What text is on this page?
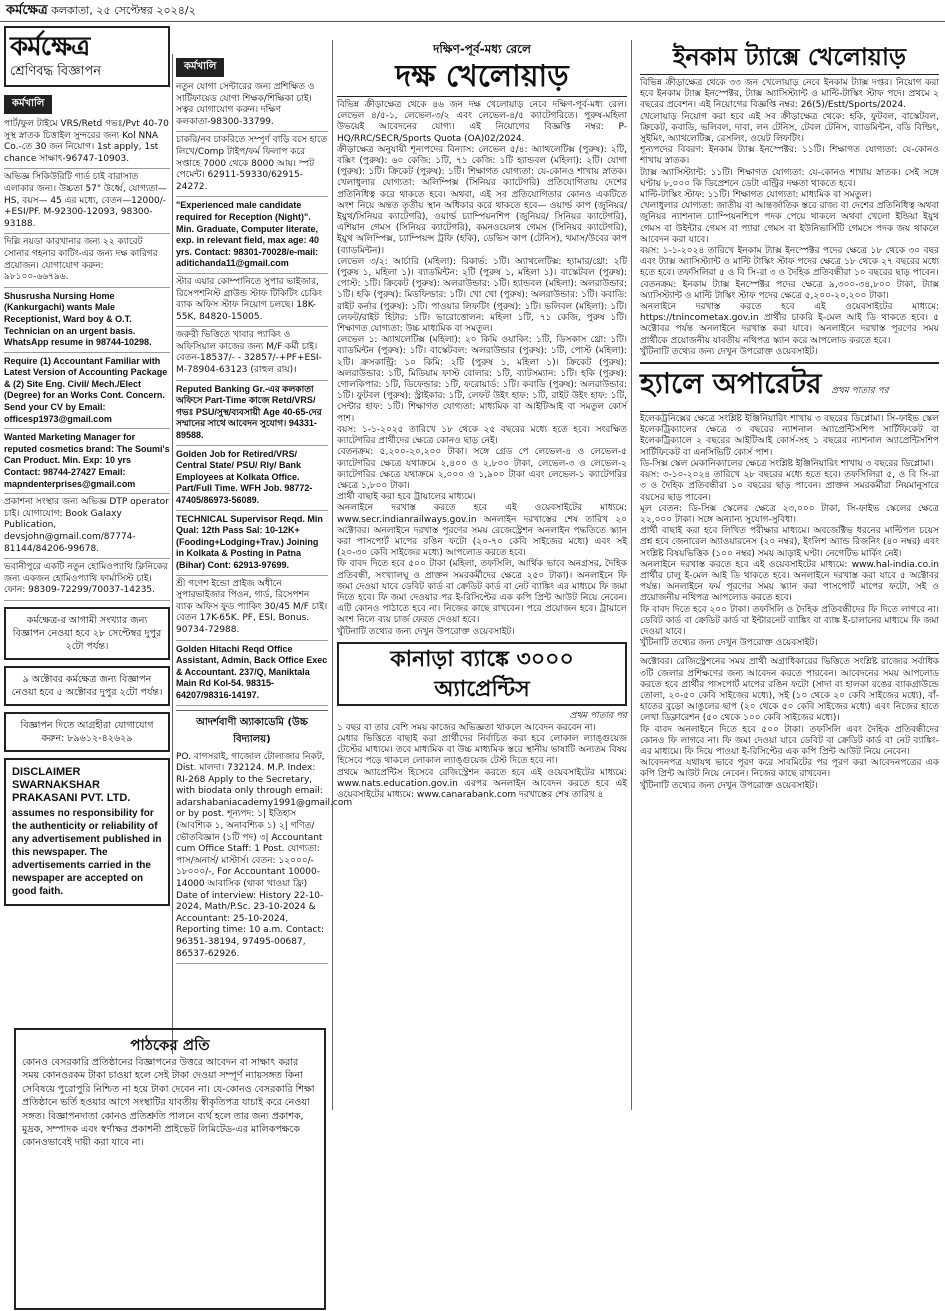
কর্মক্ষেত্র কলকাতা, ২৫ সেপ্টেম্বর ২০২৪/২
কর্মক্ষেত্র
শ্রেণিবদ্ধ বিজ্ঞাপন
কর্মখালি
পার্ট/ফুল টাইমে VRS/Retd গভঃ/Pvt 40-70 সুস্থ স্নাতক চিত্তাইল সুন্দরের জন্য Kol NNA Co.-তে 30 জন নিয়োগ। 1st apply, 1st chance সাক্ষাৎ-96747-10903.
অভিজ্ঞ সিকিউরিটি গার্ড চাই বারাসাত এলাকার জন্য। উচ্চতা 57" উর্ধ্বে, যোগ্যতা— HS, বয়স— 45 এর মধ্যে, বেতন—12000/-+ESI/PF. M-92300-12093, 98300-93188.
দিল্লি নয়ডা কারখানার জন্য ২২ ক্যারেট সোনার গহনার কাটিং-এর জন্য দক্ষ কারিগর প্রয়োজন। যোগাযোগ করুন: ৯৮১০০-৬৬৭৯৬.
Shusrusha Nursing Home (Kankurgachi) wants Male Receptionist, Ward boy & O.T. Technician on an urgent basis. WhatsApp resume in 98744-10298.
Require (1) Accountant Familiar with Latest Version of Accounting Package & (2) Site Eng. Civil/ Mech./Elect (Degree) for an Works Cont. Concern. Send your CV by Email: officesp1973@gmail.com
Wanted Marketing Manager for reputed cosmetics brand: The Soumi's Can Product. Min. Exp: 10 yrs Contact: 98744-27427 Email: mapndenterprises@gmail.com
প্রকাশনা সংস্থার জন্য অভিজ্ঞ DTP operator চাই। যোগাযোগ: Book Galaxy Publication, devsjohn@gmail.com/87774-81144/84206-99678.
ভবানীপুরে একটি নতুন হোমিওপ্যাথি ক্লিনিকের জন্য একজন হোমিওপ্যাথি ফার্মাসিস্ট চাই। ফোন: 98309-72299/70037-14235.
কর্মক্ষেত্র-র আগামী সংখ্যার জন্য বিজ্ঞাপন নেওয়া হবে ২৮ সেপ্টেম্বর দুপুর ২টো পর্যন্ত।
৯ অক্টোবর কর্মক্ষেত্র জন্য বিজ্ঞাপন নেওয়া হবে ৫ অক্টোবর দুপুর ২টো পর্যন্ত।
বিজ্ঞাপন দিতে আগ্রহীরা যোগাযোগ করুন: ৮৯৬১২-৪২৬২৯
DISCLAIMER SWARNAKSHAR PRAKASANI PVT. LTD.
assumes no responsibility for the authenticity or reliability of any advertisement published in this newspaper. The advertisements carried in the newspaper are accepted on good faith.
কর্মখালি
নতুন যোগা সেন্টারের জন্য প্রশিক্ষিত ও সার্টিফায়েড যোগা শিক্ষক/শিক্ষিকা চাই। সত্বর যোগাযোগ করুন। দক্ষিণ কলকাতা-98300-33799.
চাকরি/নব চাকরিতে সম্পূর্ণ বাড়ি বসে হাতে লিখে/Comp টাইপ/ফর্ম ফিলাপ করে সপ্তাহে 7000 থেকে 8000 আয়। স্পট পেমেন্ট। 62911-59330/62915-24272.
"Experienced male candidate required for Reception (Night)". Min. Graduate, Computer literate, exp. in relevant field, max age: 40 yrs. Contact: 98301-70028/e-mail: aditichanda11@gmail.com
স্টার এয়ার কোম্পানিতে সুপার ভাইজার, রিসেপশনিস্ট গ্রাউন্ড স্টাফ টিকিটিং চেকিং ব্যাক অফিস স্টাফ নিয়োগ চলছে। 18K-55K, 84820-15005.
জরুরী ভিত্তিতে খাবার প্যাকিং ও অফিসিয়াল কাজের জন্য M/F কর্মী চাই। বেতন-18537/- - 32857/-+PF+ESI- M-78904-63123 (রাহুল রায়)।
Reputed Banking Gr.-এর কলকাতা অফিসে Part-Time কাজে Retd/VRS/গভঃ PSU/সুস্থ/ব্যবসায়ী Age 40-65-দের সম্মানের সাথে আবেদন সুযোগ। 94331-89588.
Golden Job for Retired/VRS/ Central State/ PSU/ Rly/ Bank Employees at Kolkata Office. Part/Full Time. WFH Job. 98772-47405/86973-56089.
TECHNICAL Supervisor Reqd. Min Qual: 12th Pass Sal: 10-12K+ (Fooding+Lodging+Trav.) Joining in Kolkata & Posting in Patna (Bihar) Cont: 62913-97699.
শ্রী গণেশ ইন্ডো প্রাইজ অধীনে সুপারভাইজার পিওন, গার্ড, রিসেপশন ব্যাক অফিস ফুড প্যাকিং 30/45 M/F চাই। বেতন 17K-65K. PF, ESI, Bonus. 90734-72988.
Golden Hitachi Reqd Office Assistant, Admin, Back Office Exec & Accountant. 237/Q, Maniktala Main Rd Kol-54. 98315-64207/98316-14197.
আদর্শবাণী অ্যাকাডেমি (উচ্চ বিদ্যালয়)
PO. বাগসরাই, গাজোল টোলাজার নিকট, Dist. মালদা। 732124. M.P. Index: RI-268 Apply to the Secretary, with biodata only through email: adarshabaniacademy1991@gmail.com or by post. শূন্যপদ: ১| ইতিহাস (আবশ্যিক ১, অনাবশ্যিক ১) ২| গণিত/ভৌতবিজ্ঞান (১টি পদ) ৩| Accountant cum Office Staff: 1 Post. যোগ্যতা: পাস/অনার্স/ মাস্টার্স। বেতন: ১২০০০/- ১৮০০০/-, For Accountant 10000-14000 আবাসিক (থাকা খাওয়া ফ্রি) Date of interview: History 22-10-2024, Math/P.Sc. 23-10-2024 & Accountant: 25-10-2024, Reporting time: 10 a.m. Contact: 96351-38194, 97495-00687, 86537-62926.
পাঠকের প্রতি

কোনও বেসরকারি প্রতিষ্ঠানের বিজ্ঞাপনের উত্তরে আবেদন বা সাক্ষাৎ করার সময় কোনওরকম টাকা চাওয়া হলে সেই টাকা দেওয়া সম্পূর্ণ ন্যায়সঙ্গত কিনা সেবিষয়ে পুরোপুরি নিশ্চিত না হয়ে টাকা দেবেন না। যে-কোনও বেসরকারি শিক্ষা প্রতিষ্ঠানে ভর্তি হওয়ার আগে সংস্থাটির যাবতীয় স্বীকৃতিপত্র যাচাই করে নেওয়া সঙ্গত। বিজ্ঞাপনদাতা কোনও প্রতিশ্রুতি পালনে ব্যর্থ হলে তার জন্য প্রকাশক, মুদ্রক, সম্পাদক এবং স্বর্ণাক্ষর প্রকাশনী প্রাইভেট লিমিটেড-এর মালিকপক্ষকে কোনওভাবেই দায়ী করা যাবে না।

দক্ষিণ-পূর্ব-মধ্য রেলে
দক্ষ খেলোয়াড়
বিভিন্ন ক্রীড়াক্ষেত্র থেকে ৪৬ জন দক্ষ খেলোয়াড় নেবে দক্ষিণ-পূর্ব-মধ্য রেল। লেভেল ৪/৫-১, লেভেল-৩/২ এবং লেভেল-৪/৫ ক্যাটেগরিতে। পুরুষ-মহিলা উভয়েই আবেদনের যোগ্য। এই নিয়োগের বিজ্ঞপ্তি নম্বর: P-HQ/RRC/SECR/Sports Quota (OA)02/2024.
ক্রীড়াক্ষেত্র অনুযায়ী শূন্যপদের বিন্যাস: লেভেল ৫/৪: অ্যাথলেটিক্স (পুরুষ): ২টি, বক্সিং (পুরুষ): ৬০ কেজি: ১টি, ৭১ কেজি: ১টি হ্যান্ডবল (মহিলা): ২টি। যোগা (পুরুষ): ১টি। ক্রিকেট (পুরুষ): ১টি। শিক্ষাগত যোগ্যতা: যে-কোনও শাখায় স্নাতক। খেলাধুলার যোগ্যতা: অলিম্পিক্স (সিনিয়র ক্যাটেগরি) প্রতিযোগিতায় দেশের প্রতিনিধিত্ব করে থাকতে হবে। অথবা, এই সব প্রতিযোগিতার কোনও একটিতে অংশ নিয়ে অন্তত তৃতীয় স্থান অধিকার করে থাকতে হবে— ওয়ার্ল্ড কাপ (জুনিয়র/ইয়ুথ/সিনিয়র ক্যাটেগরি), ওয়ার্ল্ড চ্যাম্পিয়নশিপ (জুনিয়র/ সিনিয়র ক্যাটেগরি), এশিয়ান গেমস (সিনিয়র ক্যাটেগরি), কমনওয়েলথ গেমস (সিনিয়র ক্যাটেগরি), ইয়ুথ অলিম্পিক্স, চ্যাম্পিয়ন্স ট্রফি (হকি), ডেভিস কাপ (টেনিস), থমাস/উবের কাপ (ব্যাডমিন্টন)।
লেভেল ৩/২: আর্চারি (মহিলা): রিকার্ভ: ১টি। অ্যাথলেটিক্স: হ্যামার/থ্রো: ২টি (পুরুষ ১, মহিলা ১)। ব্যাডমিন্টন: ২টি (পুরুষ ১, মহিলা ১)। বাস্কেটবল (পুরুষ): পোস্ট: ১টি। ক্রিকেট (পুরুষ): অলরাউন্ডার: ১টি। হ্যান্ডবল (মহিলা): অলরাউন্ডার: ১টি। হকি (পুরুষ): মিডফিল্ডার: ১টি। খো খো (পুরুষ): অলরাউন্ডার: ১টি। কবাডি: রাইট কর্নার (পুরুষ): ১টি। পাওয়ার লিফটিং (পুরুষ): ১টি। ভলিবল (মহিলা): ১টি। লেফট/রাইট হিটার: ১টি। ভারোত্তোলন: মহিলা ১টি, ৭১ কেজি, পুরুষ ১টি। শিক্ষাগত যোগ্যতা: উচ্চ মাধ্যমিক বা সমতুল।
লেভেল ১: অ্যাথলেটিক্স (মহিলা): ২০ কিমি ওয়াকিং: ১টি, ডিসকাস থ্রো: ১টি। ব্যাডমিন্টন (পুরুষ): ১টি। বাস্কেটবল: অলরাউন্ডার (পুরুষ): ১টি, পোস্ট (মহিলা): ২টি। ক্রসকান্ট্রি: ১০ কিমি: ২টি (পুরুষ ১, মহিলা ১)। ক্রিকেট (পুরুষ): অলরাউন্ডার: ১টি, মিডিয়াম ফাস্ট বোলার: ১টি, ব্যাটসম্যান: ১টি। হকি (পুরুষ): গোলকিপার: ১টি, ডিফেন্ডার: ১টি, ফরোয়ার্ড: ১টি। কবাডি (পুরুষ): অলরাউন্ডার: ১টি। ফুটবল (পুরুষ): স্ট্রাইকার: ১টি, লেফট উইং হাফ: ১টি, রাইট উইং হাফ: ১টি, সেন্টার হাফ: ১টি। শিক্ষাগত যোগ্যতা: মাধ্যমিক বা আইটিআই বা সমতুল কোর্স পাশ।
বয়স: ১-১-২০২৫ তারিখে ১৮ থেকে ২৫ বছরের মধ্যে হতে হবে। সংরক্ষিত ক্যাটেগরির প্রার্থীদের ক্ষেত্রে কোনও ছাড় নেই।
বেতনক্রম: ৫,২০০-২০,২০০ টাকা। সঙ্গে গ্রেড পে লেভেল-৪ ও লেভেল-৫ ক্যাটেগরির ক্ষেত্রে যথাক্রমে ২,৪০০ ও ২,৮০০ টাকা, লেভেল-৩ ও লেভেল-২ ক্যাটেগরির ক্ষেত্রে যথাক্রমে ২,০০০ ও ১,৯০০ টাকা এবং লেভেল-১ ক্যাটেগরির ক্ষেত্রে ১,৮০০ টাকা।
প্রার্থী বাছাই করা হবে ট্রায়ালের মাধ্যমে।
অনলাইনে দরখাস্ত করতে হবে এই ওয়েবসাইটের মাধ্যমে: www.secr.indianrailways.gov.in অনলাইন দরখাস্তের শেষ তারিখ ২০ অক্টোবর। অনলাইনে দরখাস্ত পূরণের সময় রেজেস্ট্রেশন অনলাইন পদ্ধতিতে স্ক্যান করা পাসপোর্ট মাপের রঙিন ফটো (২০-৭০ কেবি সাইজের মধ্যে) এবং সই (২০-৩০ কেবি সাইজের মধ্যে) আপলোড করতে হবে।
ফি বাবদ দিতে হবে ৫০০ টাকা (মহিলা, তফসিলি, আর্থিক ভাবে অনগ্রসর, দৈহিক প্রতিবন্ধী, সংখ্যালঘু ও প্রাক্তন সমরকর্মীদের ক্ষেত্রে ২৫০ টাকা)। অনলাইনে ফি জমা দেওয়া যাবে ডেবিট কার্ড বা ক্রেডিট কার্ড বা নেট ব্যাঙ্কিং এর মাধ্যমে ফি জমা দিতে হবে। ফি জমা দেওয়ার পর ই-রিসিপ্টের এক কপি প্রিন্ট আউট নিয়ে নেবেন। এটি কোনও পাঠাতে হবে না। নিজের কাছে রাখবেন। পরে প্রয়োজন হবে। ট্রায়ালে অংশ নিলে ব্যয় চার্জ ফেরত দেওয়া হবে।
খুঁটিনাটি তথ্যের জন্য দেখুন উপরোক্ত ওয়েবসাইট।
কানাড়া ব্যাঙ্কে ৩০০০ অ্যাপ্রেন্টিস
প্রথম পাতার পর
১ বছর বা তার বেশি সময় কাজের অভিজ্ঞতা থাকলে আবেদন করবেন না।
মেধার ভিত্তিতে বাছাই করা প্রার্থীদের নির্বাচিত করা হবে লোকাল ল্যাঙ্গুয়েজ টেস্টের মাধ্যমে। তবে মাধ্যমিক বা উচ্চ মাধ্যমিক স্তরে স্থানীয় ভাষাটি অন্যতম বিষয় হিসেবে পড়ে থাকলে লোকাল ল্যাঙ্গুয়েজ টেস্ট দিতে হবে না।
প্রথমে অ্যাপ্রেন্টিস হিসেবে রেজিস্ট্রেশন করতে হবে এই ওয়েবসাইটের মাধ্যমে: www.nats.education.gov.in এরপর অনলাইন আবেদন করতে হবে এই ওয়েবসাইটের মাধ্যমে: www.canarabank.com দরখাস্তের শেষ তারিখ ৪
ইনকাম ট্যাক্সে খেলোয়াড়
বিভিন্ন ক্রীড়াক্ষেত্র থেকে ৩৩ জন খেলোয়াড় নেবে ইনকাম ট্যাক্স দপ্তর। নিয়োগ করা হবে ইনকাম ট্যাক্স ইনস্পেক্টর, ট্যাক্স অ্যাসিস্ট্যান্ট ও মাল্টি-টাস্কিং স্টাফ পদে। প্রথমে ২ বছরের প্রবেশন। এই নিয়োগের বিজ্ঞপ্তি নম্বর: 26(5)/Estt/Sports/2024.
খেলোয়াড় নিয়োগ করা হবে এই সব ক্রীড়াক্ষেত্র থেকে: হকি, ফুটবল, বাস্কেটবল, ক্রিকেট, কবাডি, ভলিবল, দাবা, লন টেনিস, টেবল টেনিস, ব্যাডমিন্টন, বডি বিল্ডিং, সুইমিং, অ্যাথলেটিক্স, রেসলিং, ওয়েট লিফটিং।
শূন্যপদের বিবরণ: ইনকাম ট্যাক্স ইনস্পেক্টর: ১১টি। শিক্ষাগত যোগ্যতা: যে-কোনও শাখায় স্নাতক।
ট্যাক্স অ্যাসিস্ট্যান্ট: ১১টি। শিক্ষাগত যোগ্যতা: যে-কোনও শাখায় স্নাতক। সেই সঙ্গে ঘণ্টায় ৮,০০০ কি ডিপ্রেশনে ডেটা এন্ট্রির দক্ষতা থাকতে হবে।
মাল্টি-টাস্কিং স্টাফ: ১১টি। শিক্ষাগত যোগ্যতা: মাধ্যমিক বা সমতুল।
খেলাধুলার যোগ্যতা: জাতীয় বা আন্তর্জাতিক স্তরে রাজ্য বা দেশের প্রতিনিধিত্ব অথবা জুনিয়র ন্যাশনাল চ্যাম্পিয়নশিপে পদক পেয়ে থাকলে অথবা খেলো ইন্ডিয়া ইয়ুথ গেমস বা উইন্টার গেমস বা প্যারা গেমস বা ইউনিভার্সিটি গেমসে পদক জয় থাকলে আবেদন করা যাবে।
বয়স: ১-১-২০২৪ তারিখে ইনকাম ট্যাক্স ইনস্পেক্টর পদের ক্ষেত্রে ১৮ থেকে ৩০ বছর এবং ট্যাক্স অ্যাসিস্ট্যান্ট ও মাল্টি টাস্কিং স্টাফ পদের ক্ষেত্রে ১৮ থেকে ২৭ বছরের মধ্যে হতে হবে। তফসিলিরা ৫ ও বি সি-রা ৩ ও দৈহিক প্রতিবন্ধীরা ১০ বছরের ছাড় পাবেন।
বেতনক্রম: ইনকাম ট্যাক্স ইনস্পেক্টর পদের ক্ষেত্রে ৯,৩০০-৩৪,৮০০ টাকা, ট্যাক্স অ্যাসিস্ট্যান্ট ও মাল্টি টাস্কিং স্টাফ পদের ক্ষেত্রে ৫,২০০-২০,২০০ টাকা।
অনলাইনে দরখাস্ত করতে হবে এই ওয়েবসাইটের মাধ্যমে: https://tnincometax.gov.in প্রার্থীর চাকরি ই-মেল আই ডি থাকতে হবে। ৫ অক্টোবর পর্যন্ত অনলাইনে দরখাস্ত করা যাবে। অনলাইনে দরখাস্ত পূরণের সময় প্রার্থীকে প্রয়োজনীয় যাবতীয় নথিপত্র স্ক্যান করে আপলোড করতে হবে।
খুঁটিনাটি তথ্যের জন্য দেখুন উপরোক্ত ওয়েবসাইট।
হ্যালে অপারেটর প্রথম পাতার পর
ইলেকট্রনিক্সের ক্ষেত্রে সংশ্লিষ্ট ইঞ্জিনিয়ারিং শাখায় ৩ বছরের ডিপ্লোমা। সি-ফাইভ স্কেল ইলেকট্রিক্যালের ক্ষেত্রে ৩ বছরের ন্যাশনাল অ্যাপ্রেন্টিসশিপ সার্টিফিকেট বা ইলেকট্রিক্যালে ২ বছরের আইটিআই কোর্স-সহ ১ বছরের ন্যাশনাল অ্যাপ্রেন্টিসশিপ সার্টিফিকেট বা এনসিভিটি কোর্স পাশ।
ডি-সিক্স স্কেল মেকানিক্যালের ক্ষেত্রে সংশ্লিষ্ট ইঞ্জিনিয়ারিং শাখায় ৩ বছরের ডিপ্লোমা।
বয়স: ৩-১০-২০২৪ তারিখে ২৮ বছরের মধ্যে হতে হবে। তফসিলিরা ৫, ও বি সি-রা ৩ ও দৈহিক প্রতিবন্ধীরা ১০ বছরের ছাড় পাবেন। প্রাক্তন সমরকর্মীরা নিয়মানুসারে বয়সের ছাড় পাবেন।
মূল বেতন: ডি-সিক্স স্কেলের ক্ষেত্রে ২৩,০০০ টাকা, সি-ফাইভ স্কেলের ক্ষেত্রে ২২,০০০ টাকা। সঙ্গে অন্যান্য সুযোগ-সুবিধা।
প্রার্থী বাছাই করা হবে লিখিত পরীক্ষার মাধ্যমে। অবজেক্টিভ ধরনের মাল্টিপল চয়েস প্রশ্ন হবে জেনারেল অ্যাওয়ারনেস (২০ নম্বর), ইংলিশ অ্যান্ড রিজনিং (৪০ নম্বর) এবং সংশ্লিষ্ট বিষয়ভিত্তিক (১০০ নম্বর) সময় আড়াই ঘণ্টা। নেগেটিভ মার্কিং নেই।
অনলাইনে দরখাস্ত করতে হবে এই ওয়েবসাইটের মাধ্যমে: www.hal-india.co.in প্রার্থীর চালু ই-মেল আই ডি থাকতে হবে। অনলাইনে দরখাস্ত করা যাবে ৫ অক্টোবর পর্যন্ত। অনলাইনে ফর্ম পূরণের সময় স্ক্যান করা পাসপোর্ট মাপের ফটো, সই ও প্রয়োজনীয় নথিপত্র আপলোড করতে হবে।
ফি বাবদ দিতে হবে ২০০ টাকা। তফসিলি ও দৈহিক প্রতিবন্ধীদের ফি দিতে লাগবে না। ডেবিট কার্ড বা ক্রেডিট কার্ড বা ইন্টারনেট ব্যাঙ্কিং বা ব্যাঙ্ক ই-চালানের মাধ্যমে ফি জমা দেওয়া যাবে।
খুঁটিনাটি তথ্যের জন্য দেখুন উপরোক্ত ওয়েবসাইট।
অক্টোবর। রেজিস্ট্রেশনের সময় প্রার্থী অগ্রাধিকারের ভিত্তিতে সংশ্লিষ্ট রাজ্যের সর্বাধিক ৩টি জেলার প্রশিক্ষণের জন্য আবেদন করতে পারবেন। আবেদনের সময় আপলোড করতে হবে প্রার্থীর পাসপোর্ট মাপের রঙিন ফটো (সাদা বা হালকা রঙের ব্যাকগ্রাউন্ডে তোলা, ২০-৫০ কেবি সাইজের মধ্যে), সই (১০ থেকে ২০ কেবি সাইজের মধ্যে), বাঁ-হাতের বুড়ো আঙুলের ছাপ (২০ থেকে ৫০ কেবি সাইজের মধ্যে) এবং নিজের হাতে লেখা ডিক্লারেশন (৫০ থেকে ১০০ কেবি সাইজের মধ্যে)।
ফি বাবদ অনলাইনে দিতে হবে ৫০০ টাকা। তফসিলি এবং দৈহিক প্রতিবন্ধীদের কোনও ফি লাগবে না। ফি জমা দেওয়া যাবে ডেবিট বা ক্রেডিট কার্ড বা নেট ব্যাঙ্কিং-এর মাধ্যমে। ফি দিয়ে পাওয়া ই-রিসিপ্টের এক কপি প্রিন্ট আউট নিয়ে নেবেন।
আবেদনপত্র যথাযথ ভাবে পূরণ করে সাবমিটের পর পূরণ করা আবেদনপত্রের এক কপি প্রিন্ট আউট নিয়ে নেবেন। নিজের কাছে রাখবেন।
খুঁটিনাটি তথ্যের জন্য দেখুন উপরোক্ত ওয়েবসাইট।
